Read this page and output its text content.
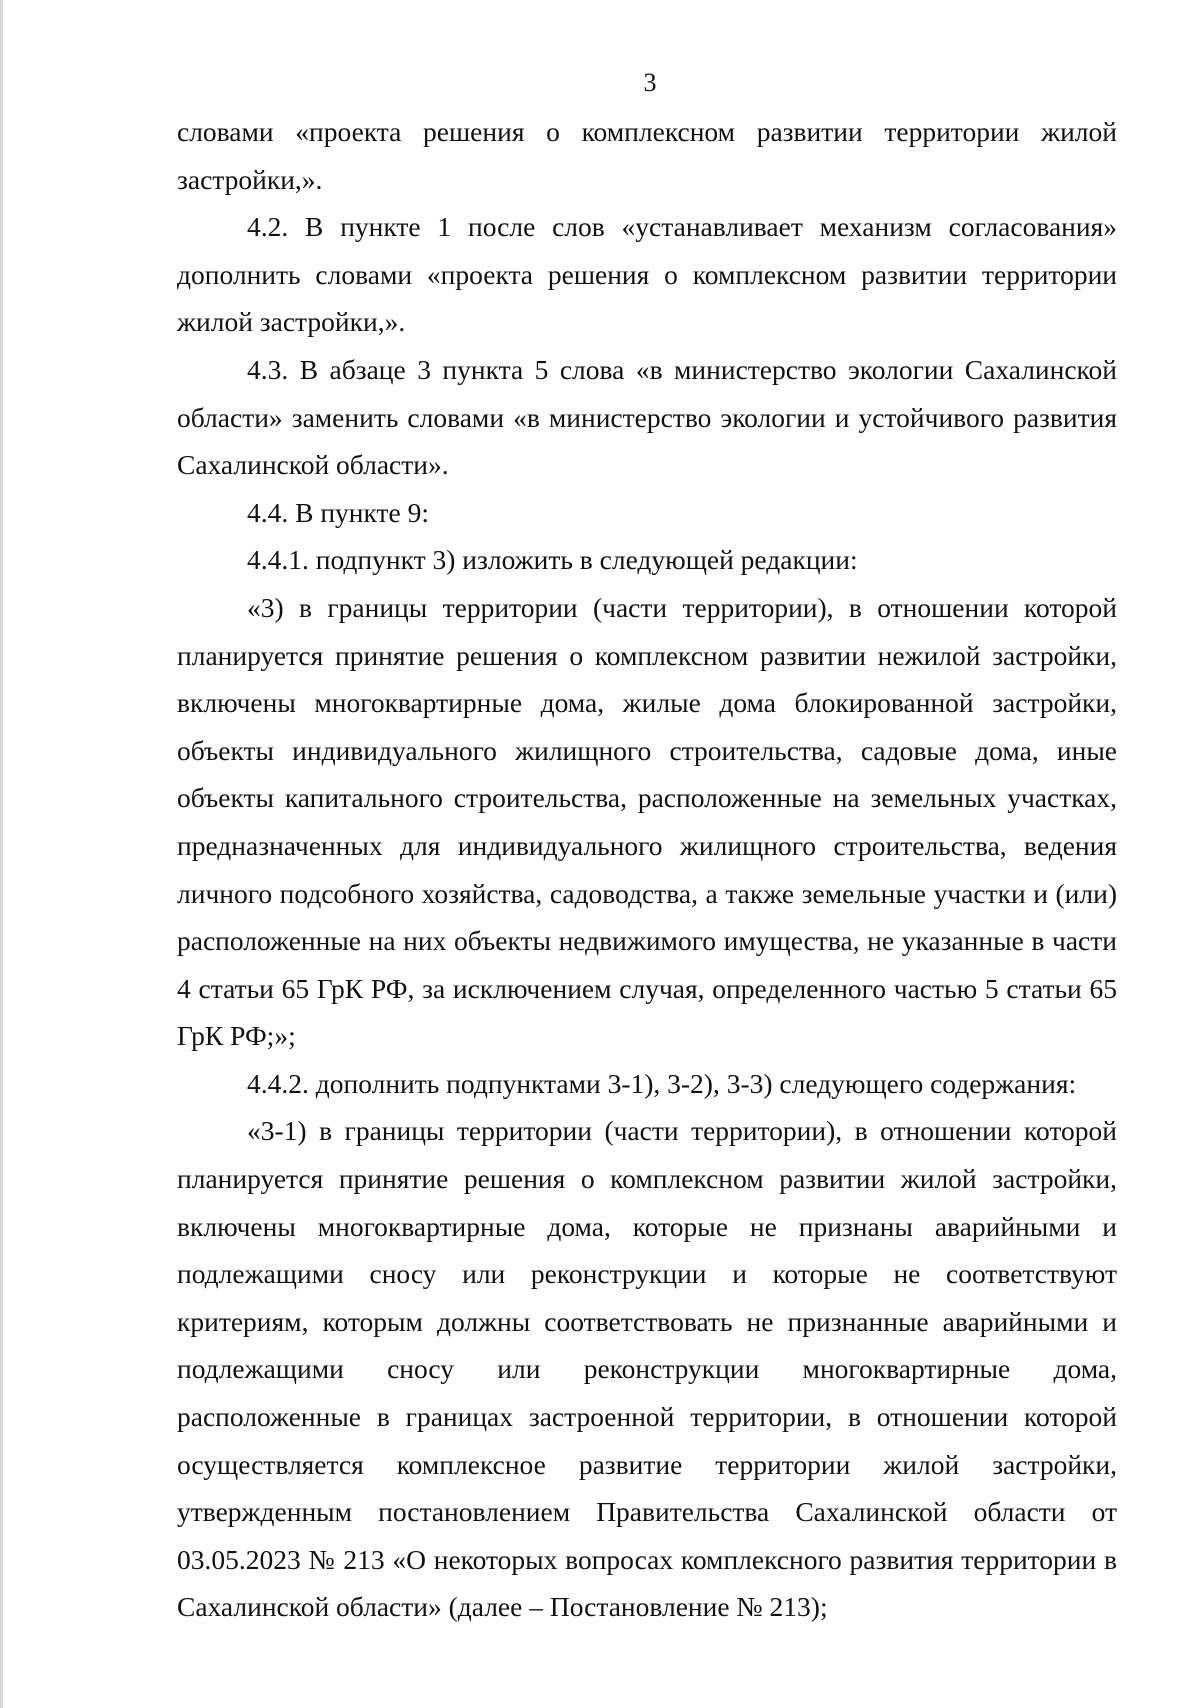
3

словами «проекта решения о комплексном развитии территории жилой застройки,».

4.2. В пункте 1 после слов «устанавливает механизм согласования» дополнить словами «проекта решения о комплексном развитии территории жилой застройки,».

4.3. В абзаце 3 пункта 5 слова «в министерство экологии Сахалинской области» заменить словами «в министерство экологии и устойчивого развития Сахалинской области».

4.4. В пункте 9:

4.4.1. подпункт 3) изложить в следующей редакции:

«3) в границы территории (части территории), в отношении которой планируется принятие решения о комплексном развитии нежилой застройки, включены многоквартирные дома, жилые дома блокированной застройки, объекты индивидуального жилищного строительства, садовые дома, иные объекты капитального строительства, расположенные на земельных участках, предназначенных для индивидуального жилищного строительства, ведения личного подсобного хозяйства, садоводства, а также земельные участки и (или) расположенные на них объекты недвижимого имущества, не указанные в части 4 статьи 65 ГрК РФ, за исключением случая, определенного частью 5 статьи 65 ГрК РФ;»;

4.4.2. дополнить подпунктами 3-1), 3-2), 3-3) следующего содержания:

«3-1) в границы территории (части территории), в отношении которой планируется принятие решения о комплексном развитии жилой застройки, включены многоквартирные дома, которые не признаны аварийными и подлежащими сносу или реконструкции и которые не соответствуют критериям, которым должны соответствовать не признанные аварийными и подлежащими сносу или реконструкции многоквартирные дома, расположенные в границах застроенной территории, в отношении которой осуществляется комплексное развитие территории жилой застройки, утвержденным постановлением Правительства Сахалинской области от 03.05.2023 № 213 «О некоторых вопросах комплексного развития территории в Сахалинской области» (далее – Постановление № 213);
